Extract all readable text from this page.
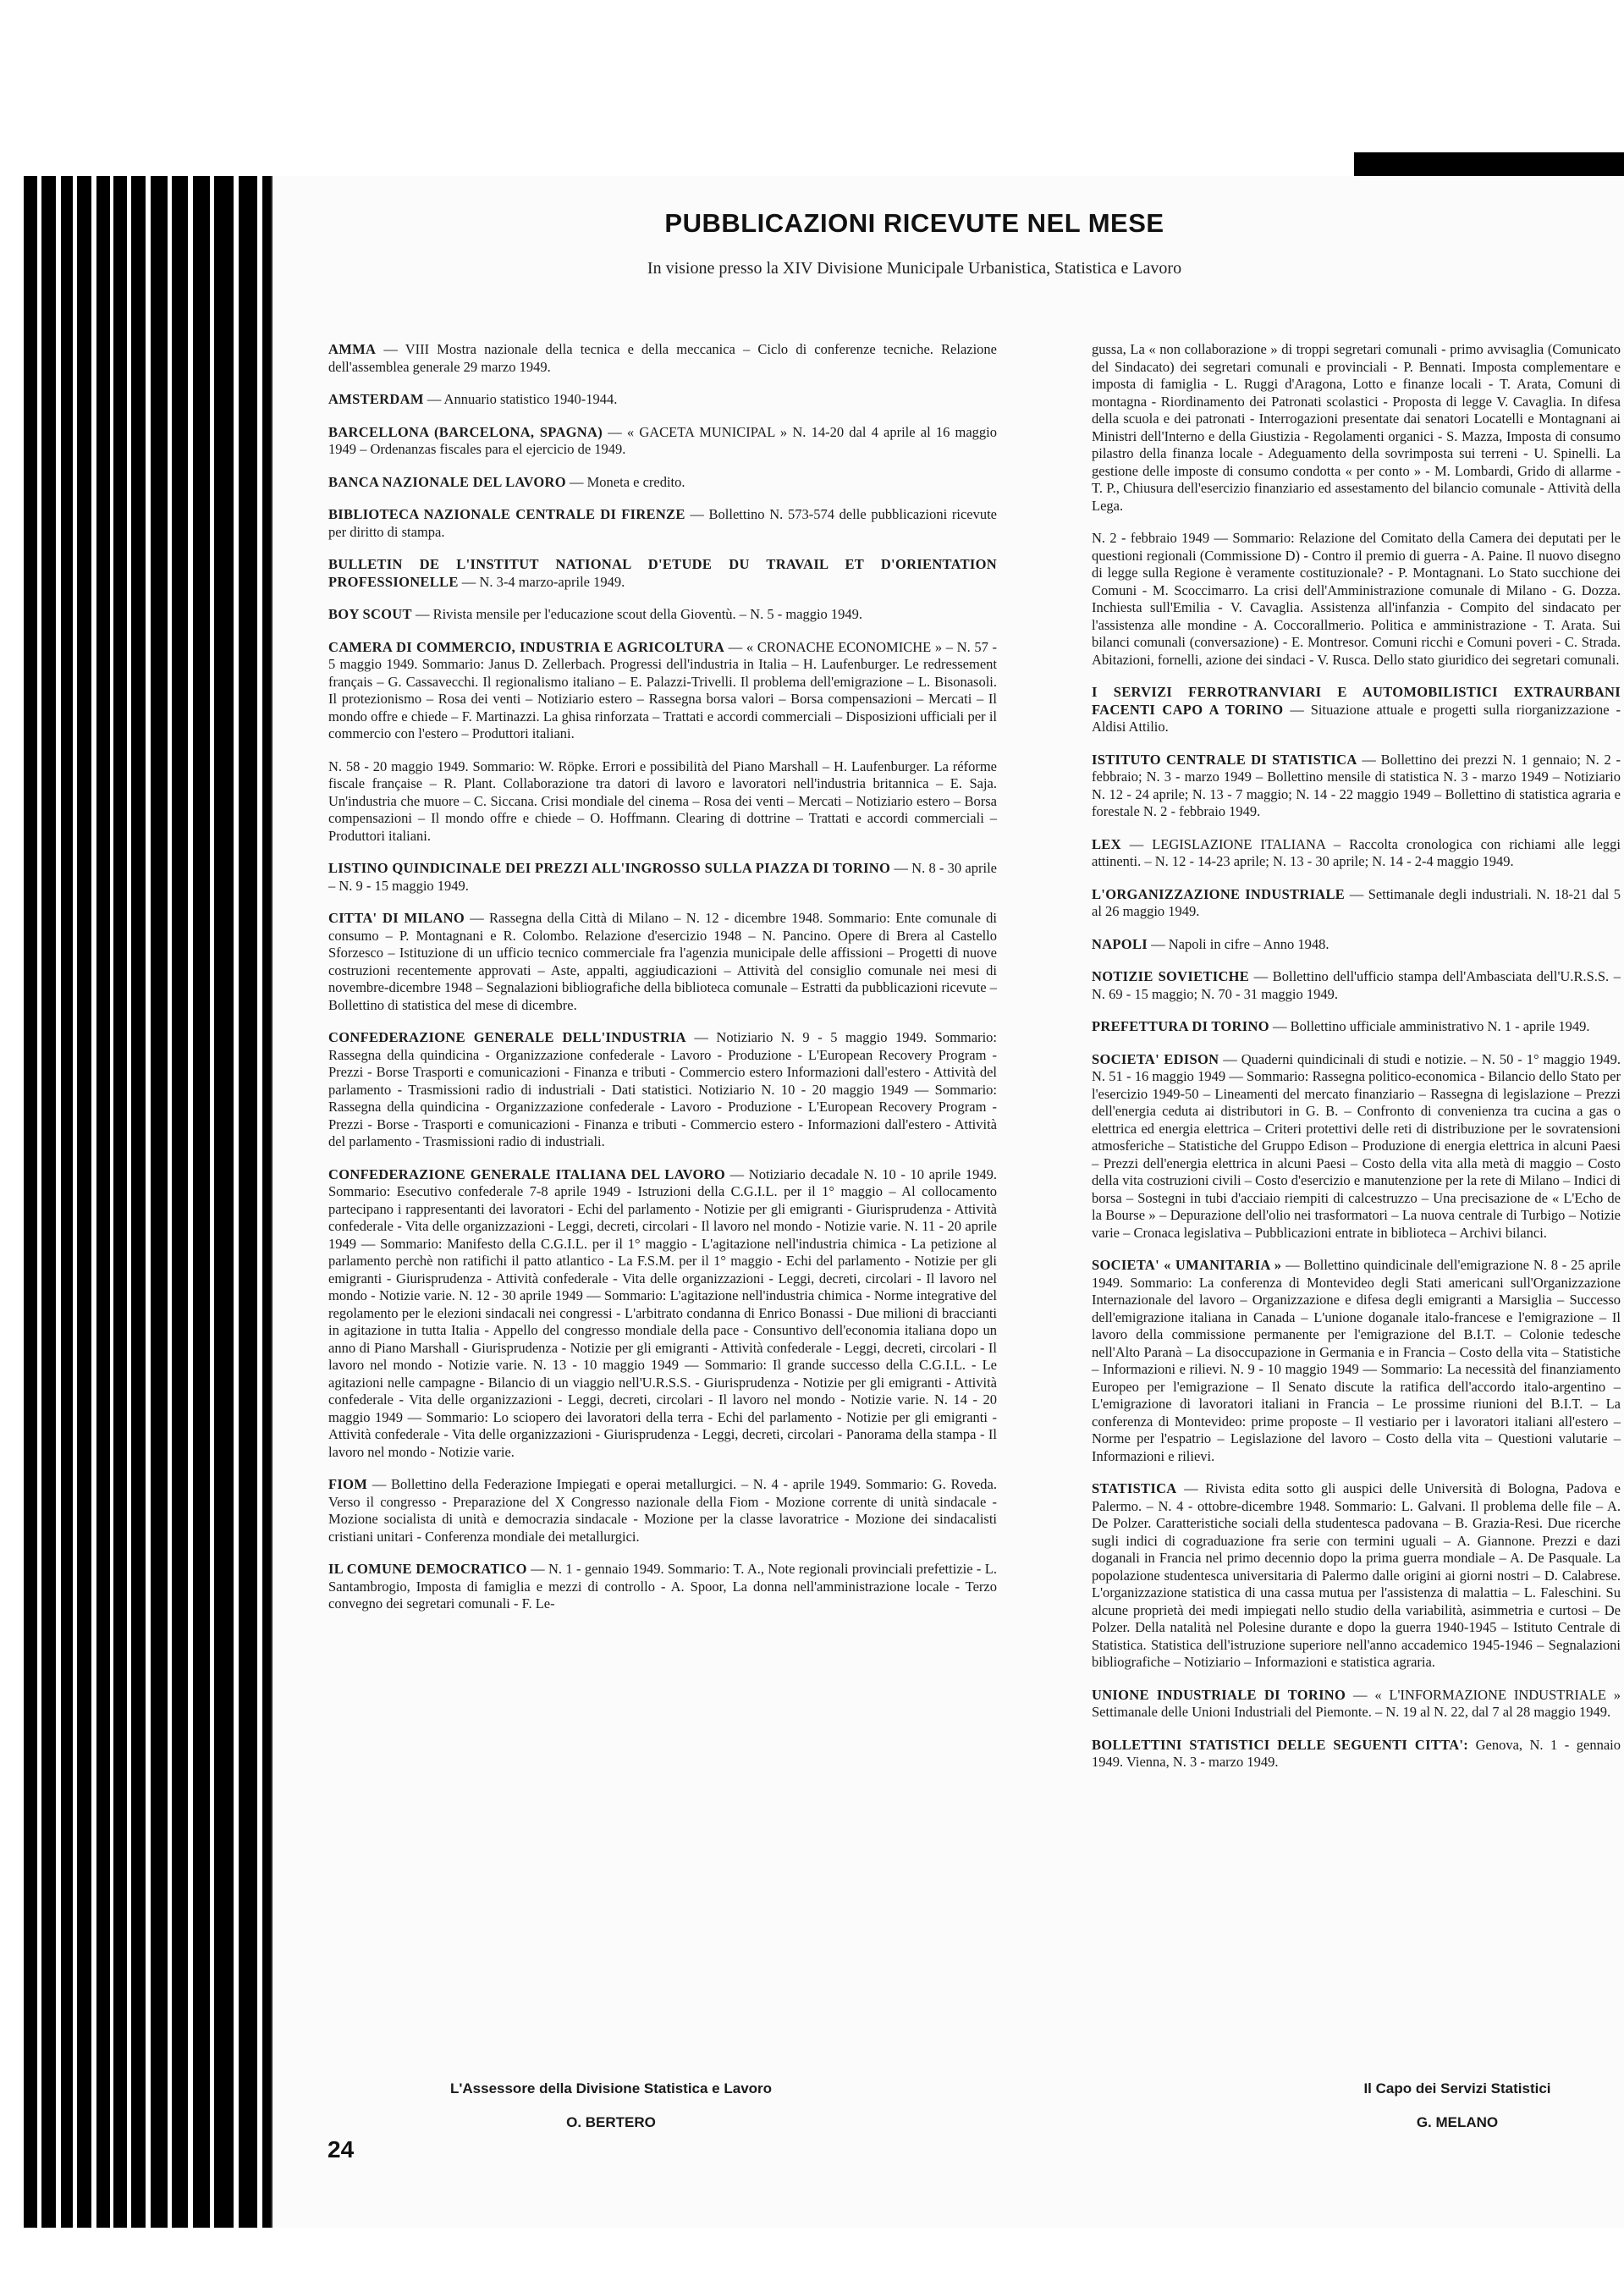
PUBBLICAZIONI RICEVUTE NEL MESE
In visione presso la XIV Divisione Municipale Urbanistica, Statistica e Lavoro

AMMA — VIII Mostra nazionale della tecnica e della meccanica – Ciclo di conferenze tecniche. Relazione dell'assemblea generale 29 marzo 1949.

AMSTERDAM — Annuario statistico 1940-1944.

BARCELLONA (BARCELONA, SPAGNA) — « GACETA MUNICIPAL » N. 14-20 dal 4 aprile al 16 maggio 1949 – Ordenanzas fiscales para el ejercicio de 1949.

BANCA NAZIONALE DEL LAVORO — Moneta e credito.

BIBLIOTECA NAZIONALE CENTRALE DI FIRENZE — Bollettino N. 573-574 delle pubblicazioni ricevute per diritto di stampa.

BULLETIN DE L'INSTITUT NATIONAL D'ETUDE DU TRAVAIL ET D'ORIENTATION PROFESSIONELLE — N. 3-4 marzo-aprile 1949.

BOY SCOUT — Rivista mensile per l'educazione scout della Gioventù. – N. 5 - maggio 1949.

CAMERA DI COMMERCIO, INDUSTRIA E AGRICOLTURA — « CRONACHE ECONOMICHE » – N. 57 - 5 maggio 1949. Sommario: Janus D. Zellerbach. Progressi dell'industria in Italia – H. Laufenburger. Le redressement français – G. Cassavecchi. Il regionalismo italiano – E. Palazzi-Trivelli. Il problema dell'emigrazione – L. Bisonasoli. Il protezionismo – Rosa dei venti – Notiziario estero – Rassegna borsa valori – Borsa compensazioni – Mercati – Il mondo offre e chiede – F. Martinazzi. La ghisa rinforzata – Trattati e accordi commerciali – Disposizioni ufficiali per il commercio con l'estero – Produttori italiani.

N. 58 - 20 maggio 1949. Sommario: W. Röpke. Errori e possibilità del Piano Marshall – H. Laufenburger. La réforme fiscale française – R. Plant. Collaborazione tra datori di lavoro e lavoratori nell'industria britannica – E. Saja. Un'industria che muore – C. Siccana. Crisi mondiale del cinema – Rosa dei venti – Mercati – Notiziario estero – Borsa compensazioni – Il mondo offre e chiede – O. Hoffmann. Clearing di dottrine – Trattati e accordi commerciali – Produttori italiani.

LISTINO QUINDICINALE DEI PREZZI ALL'INGROSSO SULLA PIAZZA DI TORINO — N. 8 - 30 aprile – N. 9 - 15 maggio 1949.

CITTA' DI MILANO — Rassegna della Città di Milano – N. 12 - dicembre 1948. Sommario: Ente comunale di consumo – P. Montagnani e R. Colombo. Relazione d'esercizio 1948 – N. Pancino. Opere di Brera al Castello Sforzesco – Istituzione di un ufficio tecnico commerciale fra l'agenzia municipale delle affissioni – Progetti di nuove costruzioni recentemente approvati – Aste, appalti, aggiudicazioni – Attività del consiglio comunale nei mesi di novembre-dicembre 1948 – Segnalazioni bibliografiche della biblioteca comunale – Estratti da pubblicazioni ricevute – Bollettino di statistica del mese di dicembre.

CONFEDERAZIONE GENERALE DELL'INDUSTRIA — Notiziario N. 9 - 5 maggio 1949. Sommario: Rassegna della quindicina - Organizzazione confederale - Lavoro - Produzione - L'European Recovery Program - Prezzi - Borse Trasporti e comunicazioni - Finanza e tributi - Commercio estero Informazioni dall'estero - Attività del parlamento - Trasmissioni radio di industriali - Dati statistici. Notiziario N. 10 - 20 maggio 1949 — Sommario: Rassegna della quindicina - Organizzazione confederale - Lavoro - Produzione - L'European Recovery Program - Prezzi - Borse - Trasporti e comunicazioni - Finanza e tributi - Commercio estero - Informazioni dall'estero - Attività del parlamento - Trasmissioni radio di industriali.

CONFEDERAZIONE GENERALE ITALIANA DEL LAVORO — Notiziario decadale N. 10 - 10 aprile 1949. Sommario: Esecutivo confederale 7-8 aprile 1949 - Istruzioni della C.G.I.L. per il 1° maggio – Al collocamento partecipano i rappresentanti dei lavoratori - Echi del parlamento - Notizie per gli emigranti - Giurisprudenza - Attività confederale - Vita delle organizzazioni - Leggi, decreti, circolari - Il lavoro nel mondo - Notizie varie. N. 11 - 20 aprile 1949 — Sommario: Manifesto della C.G.I.L. per il 1° maggio - L'agitazione nell'industria chimica - La petizione al parlamento perchè non ratifichi il patto atlantico - La F.S.M. per il 1° maggio - Echi del parlamento - Notizie per gli emigranti - Giurisprudenza - Attività confederale - Vita delle organizzazioni - Leggi, decreti, circolari - Il lavoro nel mondo - Notizie varie. N. 12 - 30 aprile 1949 — Sommario: L'agitazione nell'industria chimica - Norme integrative del regolamento per le elezioni sindacali nei congressi - L'arbitrato condanna di Enrico Bonassi - Due milioni di braccianti in agitazione in tutta Italia - Appello del congresso mondiale della pace - Consuntivo dell'economia italiana dopo un anno di Piano Marshall - Giurisprudenza - Notizie per gli emigranti - Attività confederale - Leggi, decreti, circolari - Il lavoro nel mondo - Notizie varie. N. 13 - 10 maggio 1949 — Sommario: Il grande successo della C.G.I.L. - Le agitazioni nelle campagne - Bilancio di un viaggio nell'U.R.S.S. - Giurisprudenza - Notizie per gli emigranti - Attività confederale - Vita delle organizzazioni - Leggi, decreti, circolari - Il lavoro nel mondo - Notizie varie. N. 14 - 20 maggio 1949 — Sommario: Lo sciopero dei lavoratori della terra - Echi del parlamento - Notizie per gli emigranti - Attività confederale - Vita delle organizzazioni - Giurisprudenza - Leggi, decreti, circolari - Panorama della stampa - Il lavoro nel mondo - Notizie varie.

FIOM — Bollettino della Federazione Impiegati e operai metallurgici. – N. 4 - aprile 1949. Sommario: G. Roveda. Verso il congresso - Preparazione del X Congresso nazionale della Fiom - Mozione corrente di unità sindacale - Mozione socialista di unità e democrazia sindacale - Mozione per la classe lavoratrice - Mozione dei sindacalisti cristiani unitari - Conferenza mondiale dei metallurgici.

IL COMUNE DEMOCRATICO — N. 1 - gennaio 1949. Sommario: T. A., Note regionali provinciali prefettizie - L. Santambrogio, Imposta di famiglia e mezzi di controllo - A. Spoor, La donna nell'amministrazione locale - Terzo convegno dei segretari comunali - F. Le-

gussa, La « non collaborazione » di troppi segretari comunali - primo avvisaglia (Comunicato del Sindacato) dei segretari comunali e provinciali - P. Bennati. Imposta complementare e imposta di famiglia - L. Ruggi d'Aragona, Lotto e finanze locali - T. Arata, Comuni di montagna - Riordinamento dei Patronati scolastici - Proposta di legge V. Cavaglia. In difesa della scuola e dei patronati - Interrogazioni presentate dai senatori Locatelli e Montagnani ai Ministri dell'Interno e della Giustizia - Regolamenti organici - S. Mazza, Imposta di consumo pilastro della finanza locale - Adeguamento della sovrimposta sui terreni - U. Spinelli. La gestione delle imposte di consumo condotta « per conto » - M. Lombardi, Grido di allarme - T. P., Chiusura dell'esercizio finanziario ed assestamento del bilancio comunale - Attività della Lega.

N. 2 - febbraio 1949 — Sommario: Relazione del Comitato della Camera dei deputati per le questioni regionali (Commissione D) - Contro il premio di guerra - A. Paine. Il nuovo disegno di legge sulla Regione è veramente costituzionale? - P. Montagnani. Lo Stato succhione dei Comuni - M. Scoccimarro. La crisi dell'Amministrazione comunale di Milano - G. Dozza. Inchiesta sull'Emilia - V. Cavaglia. Assistenza all'infanzia - Compito del sindacato per l'assistenza alle mondine - A. Coccorallmerio. Politica e amministrazione - T. Arata. Sui bilanci comunali (conversazione) - E. Montresor. Comuni ricchi e Comuni poveri - C. Strada. Abitazioni, fornelli, azione dei sindaci - V. Rusca. Dello stato giuridico dei segretari comunali.

I SERVIZI FERROTRANVIARI E AUTOMOBILISTICI EXTRAURBANI FACENTI CAPO A TORINO — Situazione attuale e progetti sulla riorganizzazione - Aldisi Attilio.

ISTITUTO CENTRALE DI STATISTICA — Bollettino dei prezzi N. 1 gennaio; N. 2 - febbraio; N. 3 - marzo 1949 – Bollettino mensile di statistica N. 3 - marzo 1949 – Notiziario N. 12 - 24 aprile; N. 13 - 7 maggio; N. 14 - 22 maggio 1949 – Bollettino di statistica agraria e forestale N. 2 - febbraio 1949.

LEX — LEGISLAZIONE ITALIANA – Raccolta cronologica con richiami alle leggi attinenti. – N. 12 - 14-23 aprile; N. 13 - 30 aprile; N. 14 - 2-4 maggio 1949.

L'ORGANIZZAZIONE INDUSTRIALE — Settimanale degli industriali. N. 18-21 dal 5 al 26 maggio 1949.

NAPOLI — Napoli in cifre – Anno 1948.

NOTIZIE SOVIETICHE — Bollettino dell'ufficio stampa dell'Ambasciata dell'U.R.S.S. – N. 69 - 15 maggio; N. 70 - 31 maggio 1949.

PREFETTURA DI TORINO — Bollettino ufficiale amministrativo N. 1 - aprile 1949.

SOCIETA' EDISON — Quaderni quindicinali di studi e notizie. – N. 50 - 1° maggio 1949. N. 51 - 16 maggio 1949 — Sommario: Rassegna politico-economica - Bilancio dello Stato per l'esercizio 1949-50 – Lineamenti del mercato finanziario – Rassegna di legislazione – Prezzi dell'energia ceduta ai distributori in G. B. – Confronto di convenienza tra cucina a gas o elettrica ed energia elettrica – Criteri protettivi delle reti di distribuzione per le sovratensioni atmosferiche – Statistiche del Gruppo Edison – Produzione di energia elettrica in alcuni Paesi – Prezzi dell'energia elettrica in alcuni Paesi – Costo della vita alla metà di maggio – Costo della vita costruzioni civili – Costo d'esercizio e manutenzione per la rete di Milano – Indici di borsa – Sostegni in tubi d'acciaio riempiti di calcestruzzo – Una precisazione de « L'Echo de la Bourse » – Depurazione dell'olio nei trasformatori – La nuova centrale di Turbigo – Notizie varie – Cronaca legislativa – Pubblicazioni entrate in biblioteca – Archivi bilanci.

SOCIETA' « UMANITARIA » — Bollettino quindicinale dell'emigrazione N. 8 - 25 aprile 1949. Sommario: La conferenza di Montevideo degli Stati americani sull'Organizzazione Internazionale del lavoro – Organizzazione e difesa degli emigranti a Marsiglia – Successo dell'emigrazione italiana in Canada – L'unione doganale italo-francese e l'emigrazione – Il lavoro della commissione permanente per l'emigrazione del B.I.T. – Colonie tedesche nell'Alto Paranà – La disoccupazione in Germania e in Francia – Costo della vita – Statistiche – Informazioni e rilievi. N. 9 - 10 maggio 1949 — Sommario: La necessità del finanziamento Europeo per l'emigrazione – Il Senato discute la ratifica dell'accordo italo-argentino – L'emigrazione di lavoratori italiani in Francia – Le prossime riunioni del B.I.T. – La conferenza di Montevideo: prime proposte – Il vestiario per i lavoratori italiani all'estero – Norme per l'espatrio – Legislazione del lavoro – Costo della vita – Questioni valutarie – Informazioni e rilievi.

STATISTICA — Rivista edita sotto gli auspici delle Università di Bologna, Padova e Palermo. – N. 4 - ottobre-dicembre 1948. Sommario: L. Galvani. Il problema delle file – A. De Polzer. Caratteristiche sociali della studentesca padovana – B. Grazia-Resi. Due ricerche sugli indici di cograduazione fra serie con termini uguali – A. Giannone. Prezzi e dazi doganali in Francia nel primo decennio dopo la prima guerra mondiale – A. De Pasquale. La popolazione studentesca universitaria di Palermo dalle origini ai giorni nostri – D. Calabrese. L'organizzazione statistica di una cassa mutua per l'assistenza di malattia – L. Faleschini. Su alcune proprietà dei medi impiegati nello studio della variabilità, asimmetria e curtosi – De Polzer. Della natalità nel Polesine durante e dopo la guerra 1940-1945 – Istituto Centrale di Statistica. Statistica dell'istruzione superiore nell'anno accademico 1945-1946 – Segnalazioni bibliografiche – Notiziario – Informazioni e statistica agraria.

UNIONE INDUSTRIALE DI TORINO — « L'INFORMAZIONE INDUSTRIALE » Settimanale delle Unioni Industriali del Piemonte. – N. 19 al N. 22, dal 7 al 28 maggio 1949.

BOLLETTINI STATISTICI DELLE SEGUENTI CITTA': Genova, N. 1 - gennaio 1949. Vienna, N. 3 - marzo 1949.

L'Assessore della Divisione Statistica e Lavoro
O. BERTERO
Il Capo dei Servizi Statistici
G. MELANO
24
